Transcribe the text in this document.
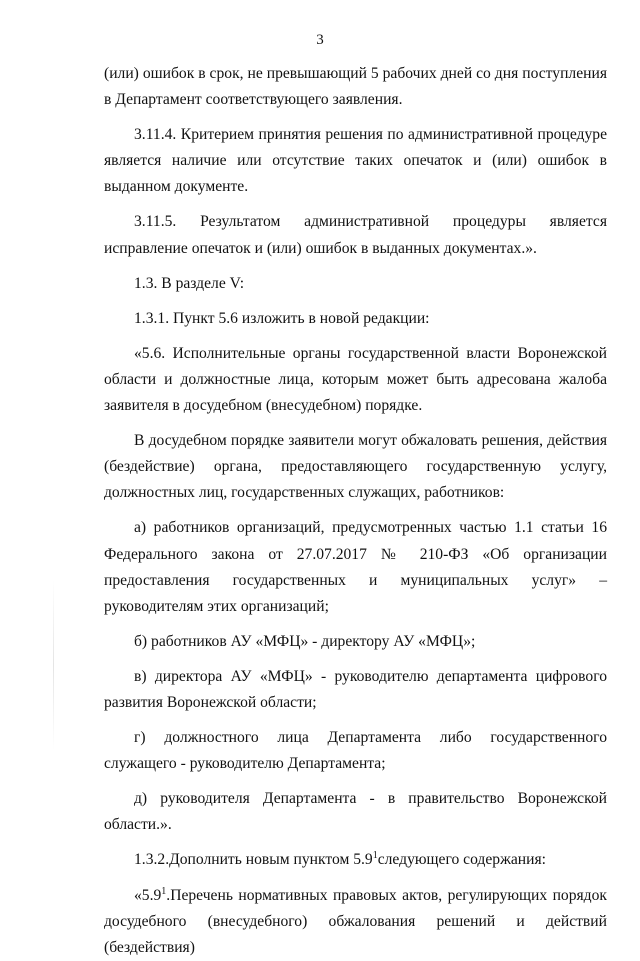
3

(или) ошибок в срок, не превышающий 5 рабочих дней со дня поступления в Департамент соответствующего заявления.

3.11.4. Критерием принятия решения по административной процедуре является наличие или отсутствие таких опечаток и (или) ошибок в выданном документе.

3.11.5. Результатом административной процедуры является исправление опечаток и (или) ошибок в выданных документах.».

1.3. В разделе V:

1.3.1. Пункт 5.6 изложить в новой редакции:

«5.6. Исполнительные органы государственной власти Воронежской области и должностные лица, которым может быть адресована жалоба заявителя в досудебном (внесудебном) порядке.

В досудебном порядке заявители могут обжаловать решения, действия (бездействие) органа, предоставляющего государственную услугу, должностных лиц, государственных служащих, работников:

а) работников организаций, предусмотренных частью 1.1 статьи 16 Федерального закона от 27.07.2017 № 210-ФЗ «Об организации предоставления государственных и муниципальных услуг» – руководителям этих организаций;

б) работников АУ «МФЦ» - директору АУ «МФЦ»;

в) директора АУ «МФЦ» - руководителю департамента цифрового развития Воронежской области;

г) должностного лица Департамента либо государственного служащего - руководителю Департамента;

д) руководителя Департамента - в правительство Воронежской области.».

1.3.2.Дополнить новым пунктом $5.9^1следующего$ содержания:

«$5.9^1.Перечень$ нормативных правовых актов, регулирующих порядок досудебного (внесудебного) обжалования решений и действий (бездействия)
